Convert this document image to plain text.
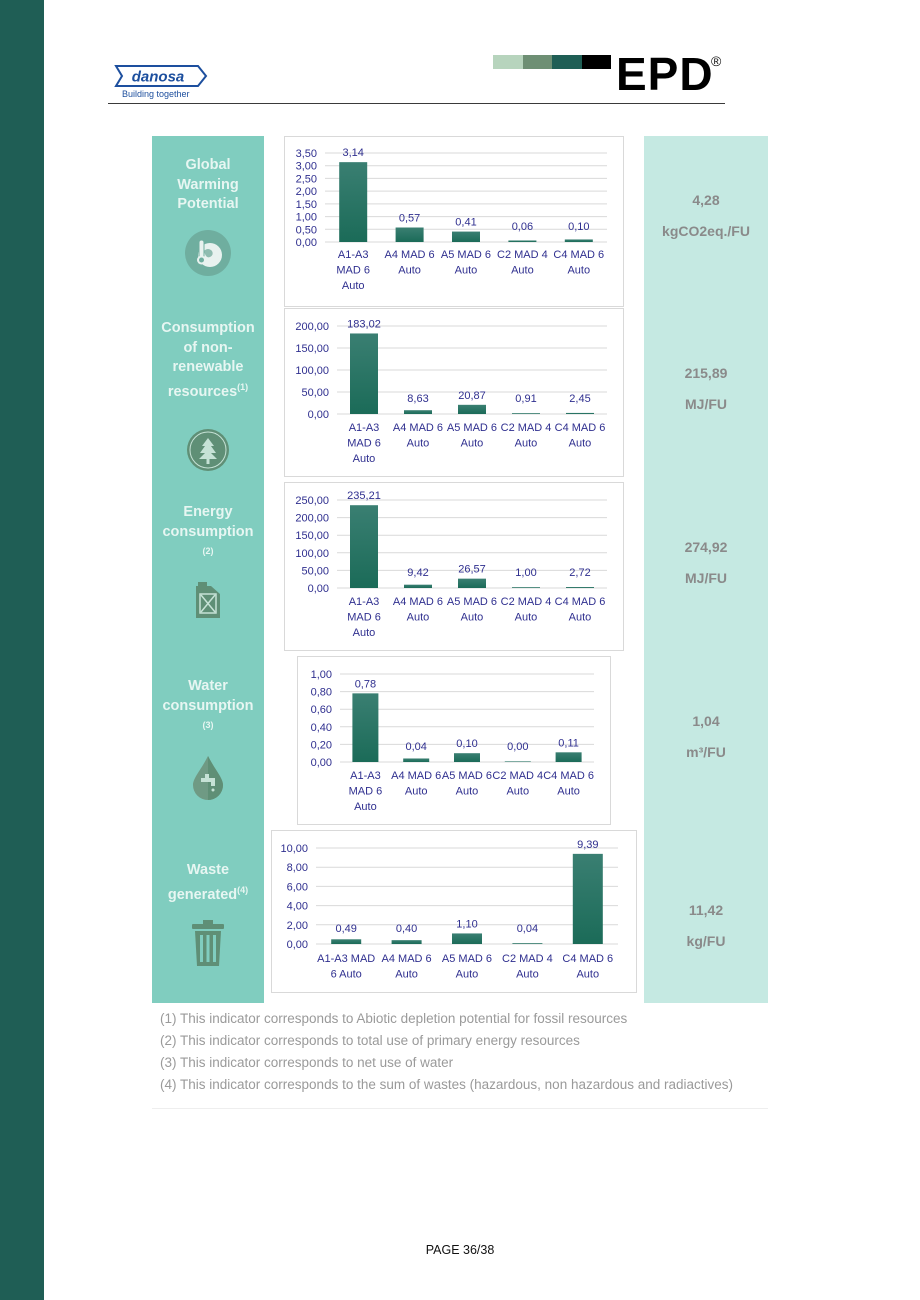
danosa
Building together	EPD
®
Global Warming Potential
0,00
0,50
1,00
1,50
2,00
2,50
3,00
3,50 3,14
A1-A3
MAD 6
Auto
0,57
A4 MAD 6
Auto
0,41
A5 MAD 6
Auto
0,06
C2 MAD 4
Auto
0,10
C4 MAD 6
Auto
4,28
kgCO2eq./FU
Consumption of non-renewable resources$^{(1)}$
0,00
50,00
100,00
150,00
200,00 183,02
A1-A3
MAD 6
Auto
8,63
A4 MAD 6
Auto
20,87
A5 MAD 6
Auto
0,91
C2 MAD 4
Auto
2,45
C4 MAD 6
Auto
215,89
MJ/FU
Energy consumption
(2)
0,00
50,00
100,00
150,00
200,00
250,00 235,21
A1-A3
MAD 6
Auto
9,42
A4 MAD 6
Auto
26,57
A5 MAD 6
Auto
1,00
C2 MAD 4
Auto
2,72
C4 MAD 6
Auto
274,92
MJ/FU
Water consumption
(3)
0,00
0,20
0,40
0,60
0,80
1,00
0,78
A1-A3
MAD 6
Auto
0,04
A4 MAD 6
Auto
0,10
A5 MAD 6
Auto
0,00
C2 MAD 4
Auto
0,11
C4 MAD 6
Auto
1,04
m³/FU
Waste generated$^{(4)}$
0,00
2,00
4,00
6,00
8,00
10,00
0,49
A1-A3 MAD
6 Auto
0,40
A4 MAD 6
Auto
1,10
A5 MAD 6
Auto
0,04
C2 MAD 4
Auto
9,39
C4 MAD 6
Auto
11,42
kg/FU
(1) This indicator corresponds to Abiotic depletion potential for fossil resources
(2) This indicator corresponds to total use of primary energy resources
(3) This indicator corresponds to net use of water
(4) This indicator corresponds to the sum of wastes (hazardous, non hazardous and radiactives)
PAGE 36/38
